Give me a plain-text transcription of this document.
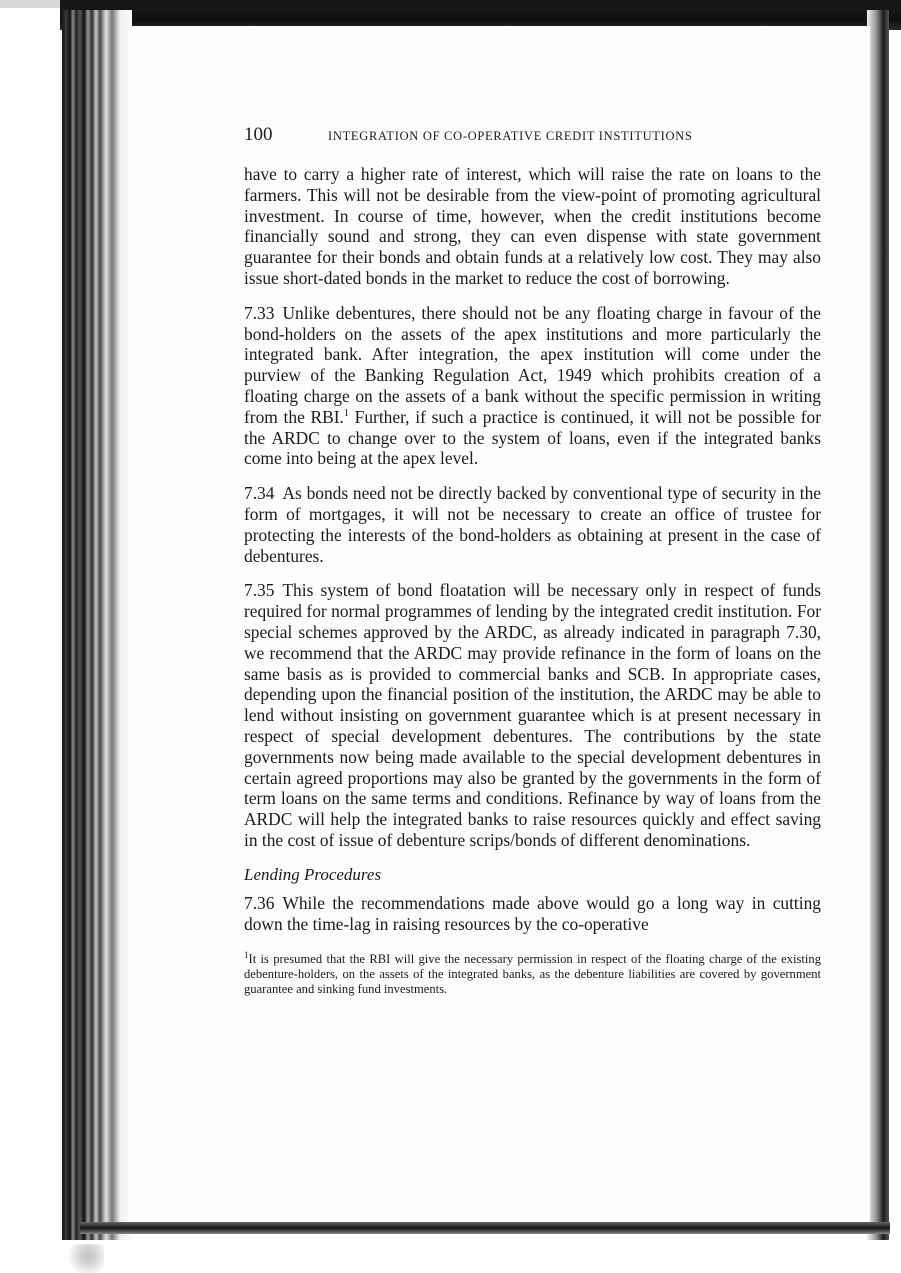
100	INTEGRATION OF CO-OPERATIVE CREDIT INSTITUTIONS

have to carry a higher rate of interest, which will raise the rate on loans to the farmers. This will not be desirable from the view-point of promoting agricultural investment. In course of time, however, when the credit institutions become financially sound and strong, they can even dispense with state government guarantee for their bonds and obtain funds at a relatively low cost. They may also issue short-dated bonds in the market to reduce the cost of borrowing.

7.33 Unlike debentures, there should not be any floating charge in favour of the bond-holders on the assets of the apex institutions and more particularly the integrated bank. After integration, the apex institution will come under the purview of the Banking Regulation Act, 1949 which prohibits creation of a floating charge on the assets of a bank without the specific permission in writing from the RBI.$^1$ Further, if such a practice is continued, it will not be possible for the ARDC to change over to the system of loans, even if the integrated banks come into being at the apex level.

7.34 As bonds need not be directly backed by conventional type of security in the form of mortgages, it will not be necessary to create an office of trustee for protecting the interests of the bond-holders as obtaining at present in the case of debentures.

7.35 This system of bond floatation will be necessary only in respect of funds required for normal programmes of lending by the integrated credit institution. For special schemes approved by the ARDC, as already indicated in paragraph 7.30, we recommend that the ARDC may provide refinance in the form of loans on the same basis as is provided to commercial banks and SCB. In appropriate cases, depending upon the financial position of the institution, the ARDC may be able to lend without insisting on government guarantee which is at present necessary in respect of special development debentures. The contributions by the state governments now being made available to the special development debentures in certain agreed proportions may also be granted by the governments in the form of term loans on the same terms and conditions. Refinance by way of loans from the ARDC will help the integrated banks to raise resources quickly and effect saving in the cost of issue of debenture scrips/bonds of different denominations.

Lending Procedures

7.36 While the recommendations made above would go a long way in cutting down the time-lag in raising resources by the co-operative

$^1$It is presumed that the RBI will give the necessary permission in respect of the floating charge of the existing debenture-holders, on the assets of the integrated banks, as the debenture liabilities are covered by government guarantee and sinking fund investments.
